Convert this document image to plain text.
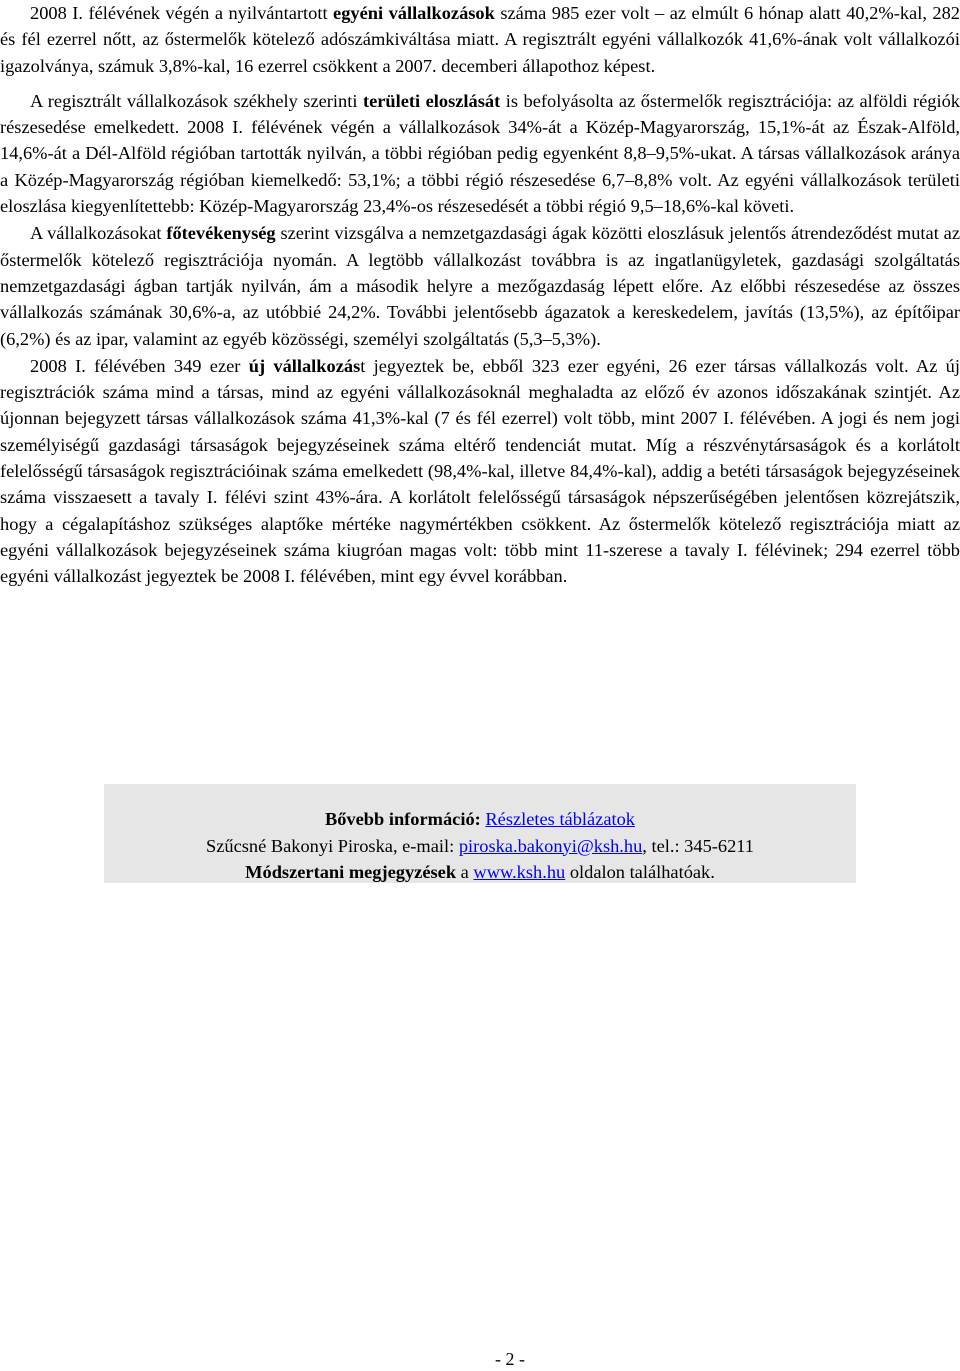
2008 I. félévének végén a nyilvántartott egyéni vállalkozások száma 985 ezer volt – az elmúlt 6 hónap alatt 40,2%-kal, 282 és fél ezerrel nőtt, az őstermelők kötelező adószámkiváltása miatt. A regisztrált egyéni vállalkozók 41,6%-ának volt vállalkozói igazolványa, számuk 3,8%-kal, 16 ezerrel csökkent a 2007. decemberi állapothoz képest.

A regisztrált vállalkozások székhely szerinti területi eloszlását is befolyásolta az őstermelők regisztrációja: az alföldi régiók részesedése emelkedett. 2008 I. félévének végén a vállalkozások 34%-át a Közép-Magyarország, 15,1%-át az Észak-Alföld, 14,6%-át a Dél-Alföld régióban tartották nyilván, a többi régióban pedig egyenként 8,8–9,5%-ukat. A társas vállalkozások aránya a Közép-Magyarország régióban kiemelkedő: 53,1%; a többi régió részesedése 6,7–8,8% volt. Az egyéni vállalkozások területi eloszlása kiegyenlítettebb: Közép-Magyarország 23,4%-os részesedését a többi régió 9,5–18,6%-kal követi.

A vállalkozásokat főtevékenység szerint vizsgálva a nemzetgazdasági ágak közötti eloszlásuk jelentős átrendeződést mutat az őstermelők kötelező regisztrációja nyomán. A legtöbb vállalkozást továbbra is az ingatlanügyletek, gazdasági szolgáltatás nemzetgazdasági ágban tartják nyilván, ám a második helyre a mezőgazdaság lépett előre. Az előbbi részesedése az összes vállalkozás számának 30,6%-a, az utóbbié 24,2%. További jelentősebb ágazatok a kereskedelem, javítás (13,5%), az építőipar (6,2%) és az ipar, valamint az egyéb közösségi, személyi szolgáltatás (5,3–5,3%).

2008 I. félévében 349 ezer új vállalkozást jegyeztek be, ebből 323 ezer egyéni, 26 ezer társas vállalkozás volt. Az új regisztrációk száma mind a társas, mind az egyéni vállalkozásoknál meghaladta az előző év azonos időszakának szintjét. Az újonnan bejegyzett társas vállalkozások száma 41,3%-kal (7 és fél ezerrel) volt több, mint 2007 I. félévében. A jogi és nem jogi személyiségű gazdasági társaságok bejegyzéseinek száma eltérő tendenciát mutat. Míg a részvénytársaságok és a korlátolt felelősségű társaságok regisztrációinak száma emelkedett (98,4%-kal, illetve 84,4%-kal), addig a betéti társaságok bejegyzéseinek száma visszaesett a tavaly I. félévi szint 43%-ára. A korlátolt felelősségű társaságok népszerűségében jelentősen közrejátszik, hogy a cégalapításhoz szükséges alaptőke mértéke nagymértékben csökkent. Az őstermelők kötelező regisztrációja miatt az egyéni vállalkozások bejegyzéseinek száma kiugróan magas volt: több mint 11-szerese a tavaly I. félévinek; 294 ezerrel több egyéni vállalkozást jegyeztek be 2008 I. félévében, mint egy évvel korábban.

Bővebb információ: Részletes táblázatok
Szűcsné Bakonyi Piroska, e-mail: piroska.bakonyi@ksh.hu, tel.: 345-6211
Módszertani megjegyzések a www.ksh.hu oldalon találhatóak.
- 2 -
